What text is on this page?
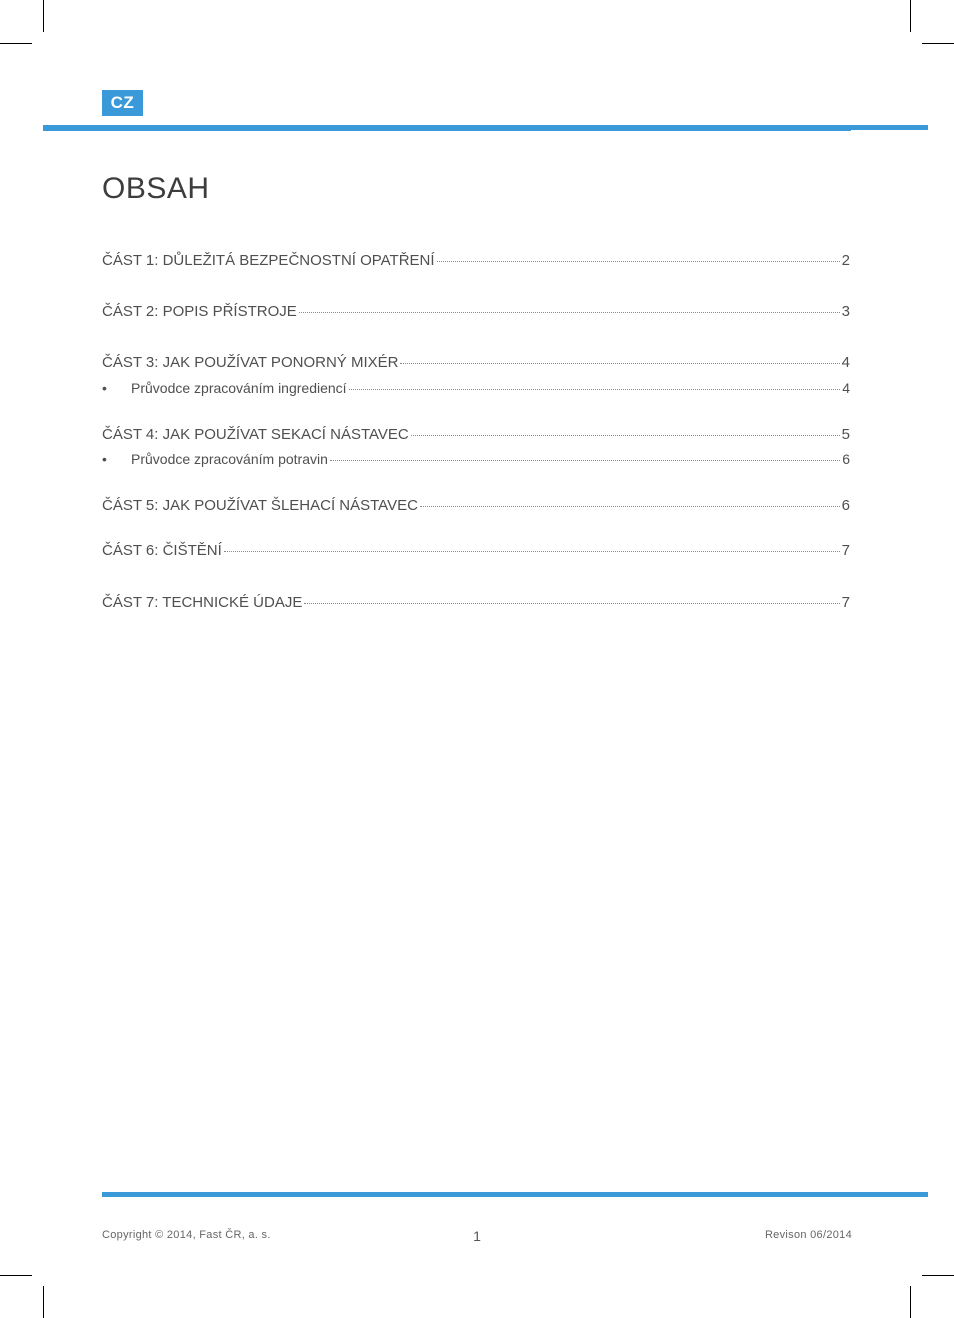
CZ
OBSAH
ČÁST 1: DŮLEŽITÁ BEZPEČNOSTNÍ OPATŘENÍ	2
ČÁST 2: POPIS PŘÍSTROJE	3
ČÁST 3: JAK POUŽÍVAT PONORNÝ MIXÉR	4
•	Průvodce zpracováním ingrediencí	4
ČÁST 4: JAK POUŽÍVAT SEKACÍ NÁSTAVEC	5
•	Průvodce zpracováním potravin	6
ČÁST 5: JAK POUŽÍVAT ŠLEHACÍ NÁSTAVEC	6
ČÁST 6: ČIŠTĚNÍ	7
ČÁST 7: TECHNICKÉ ÚDAJE	7
Copyright © 2014, Fast ČR, a. s.	1	Revison 06/2014
